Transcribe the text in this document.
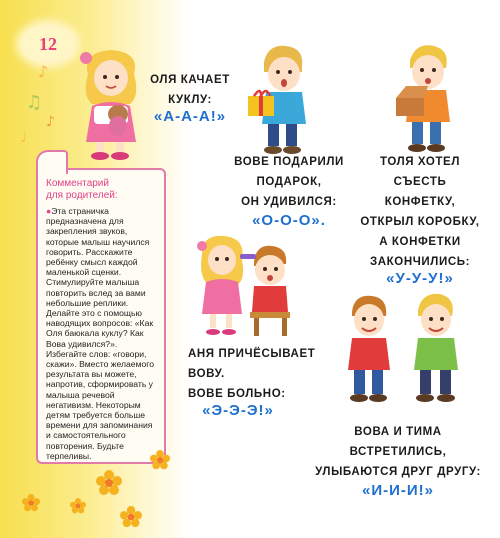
12
♪
♫
♪
♩
Комментарий
для родителей:
●Эта страничка предназначена для закрепления звуков, которые малыш научился говорить. Расскажите ребёнку смысл каждой маленькой сценки. Стимулируйте малыша повторить вслед за вами небольшие реплики. Делайте это с помощью наводящих вопросов: «Как Оля баюкала куклу? Как Вова удивился?». Избегайте слов: «говори, скажи». Вместо желаемого результата вы можете, напротив, сформировать у малыша речевой негативизм. Некоторым детям требуется больше времени для запоминания и самостоятельного повторения. Будьте терпеливы.
ОЛЯ КАЧАЕТ
КУКЛУ:
«А-А-А!»
ВОВЕ ПОДАРИЛИ
ПОДАРОК,
ОН УДИВИЛСЯ:
«О-О-О».
ТОЛЯ ХОТЕЛ
СЪЕСТЬ
КОНФЕТКУ,
ОТКРЫЛ КОРОБКУ,
А КОНФЕТКИ
ЗАКОНЧИЛИСЬ:
«У-У-У!»
АНЯ ПРИЧЁСЫВАЕТ
ВОВУ.
ВОВЕ БОЛЬНО:
«Э-Э-Э!»
ВОВА И ТИМА
ВСТРЕТИЛИСЬ,
УЛЫБАЮТСЯ ДРУГ ДРУГУ:
«И-И-И!»
